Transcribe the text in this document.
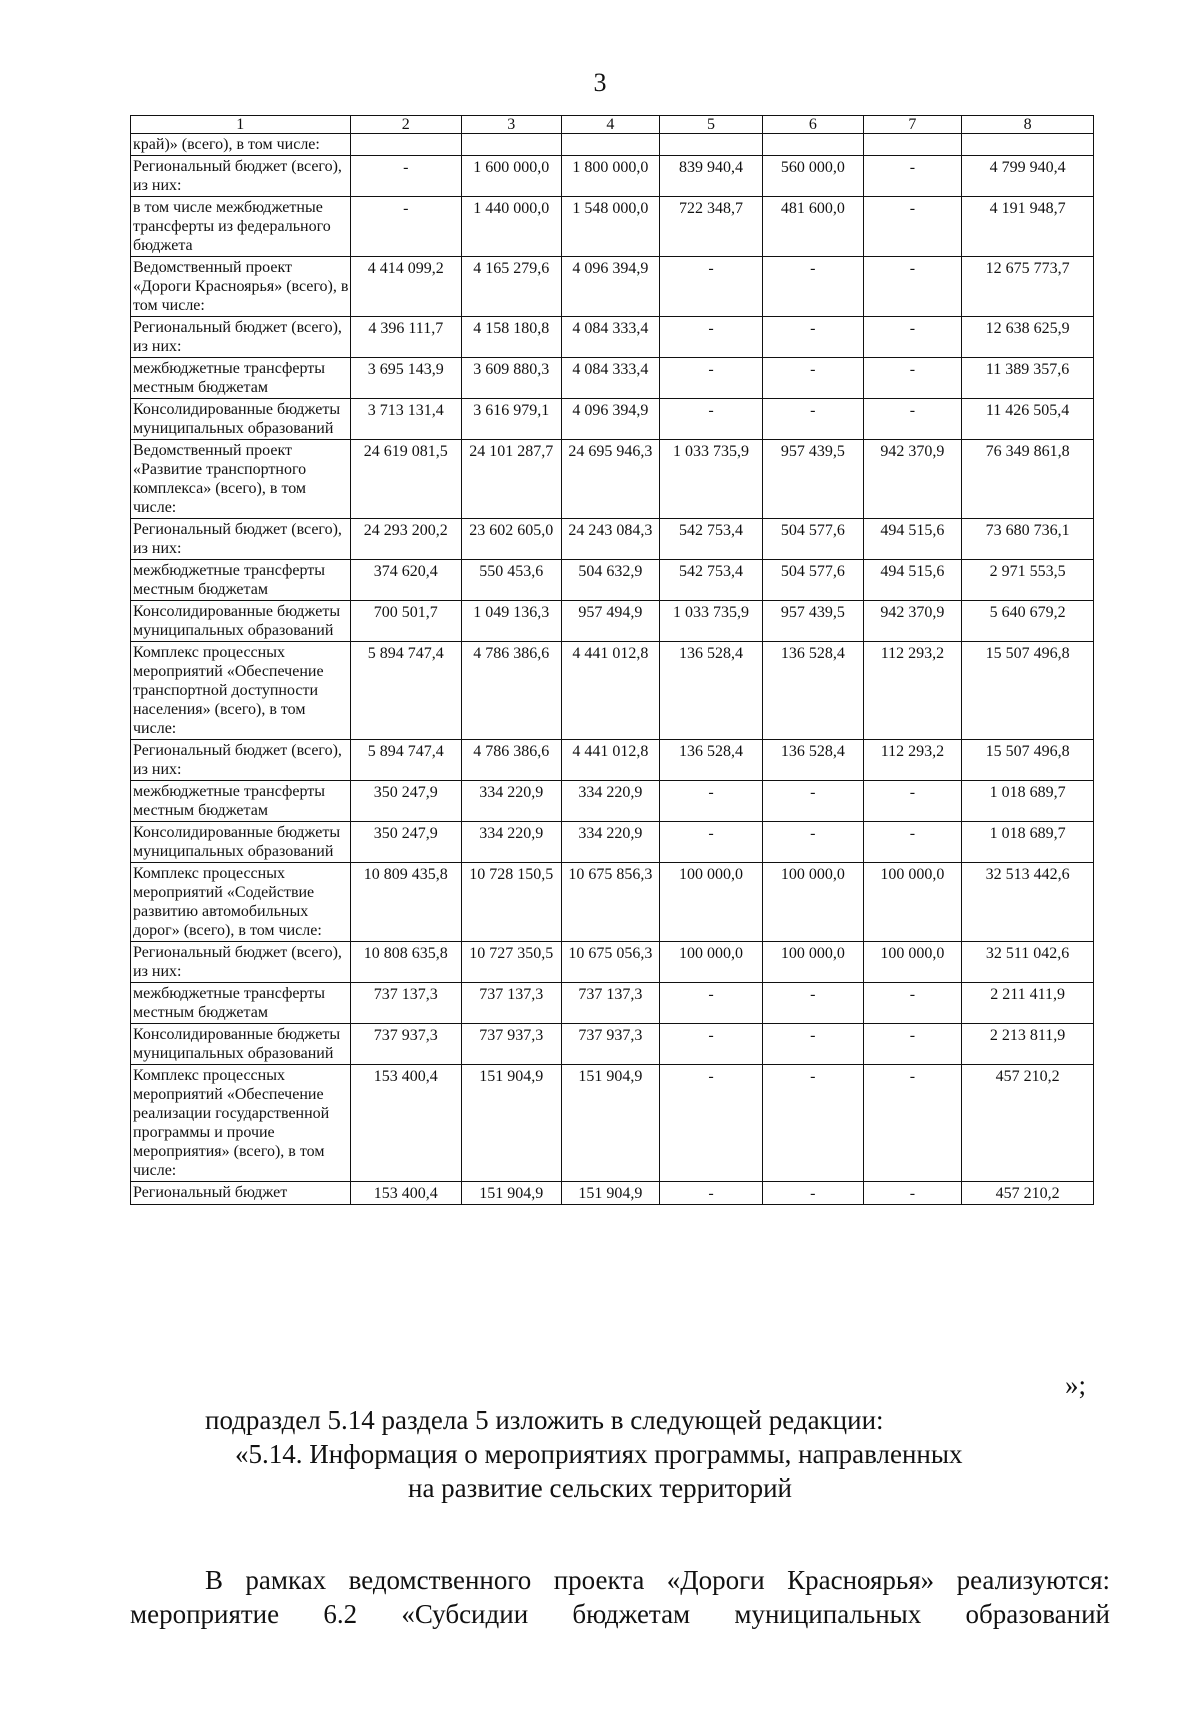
3
1	2	3	4	5	6	7	8
край)» (всего), в том числе:							
Региональный бюджет (всего), из них:	-	1 600 000,0	1 800 000,0	839 940,4	560 000,0	-	4 799 940,4
в том числе межбюджетные трансферты из федерального бюджета	-	1 440 000,0	1 548 000,0	722 348,7	481 600,0	-	4 191 948,7
Ведомственный проект «Дороги Красноярья» (всего), в том числе:	4 414 099,2	4 165 279,6	4 096 394,9	-	-	-	12 675 773,7
Региональный бюджет (всего), из них:	4 396 111,7	4 158 180,8	4 084 333,4	-	-	-	12 638 625,9
межбюджетные трансферты местным бюджетам	3 695 143,9	3 609 880,3	4 084 333,4	-	-	-	11 389 357,6
Консолидированные бюджеты муниципальных образований	3 713 131,4	3 616 979,1	4 096 394,9	-	-	-	11 426 505,4
Ведомственный проект «Развитие транспортного комплекса» (всего), в том числе:	24 619 081,5	24 101 287,7	24 695 946,3	1 033 735,9	957 439,5	942 370,9	76 349 861,8
Региональный бюджет (всего), из них:	24 293 200,2	23 602 605,0	24 243 084,3	542 753,4	504 577,6	494 515,6	73 680 736,1
межбюджетные трансферты местным бюджетам	374 620,4	550 453,6	504 632,9	542 753,4	504 577,6	494 515,6	2 971 553,5
Консолидированные бюджеты муниципальных образований	700 501,7	1 049 136,3	957 494,9	1 033 735,9	957 439,5	942 370,9	5 640 679,2
Комплекс процессных мероприятий «Обеспечение транспортной доступности населения» (всего), в том числе:	5 894 747,4	4 786 386,6	4 441 012,8	136 528,4	136 528,4	112 293,2	15 507 496,8
Региональный бюджет (всего), из них:	5 894 747,4	4 786 386,6	4 441 012,8	136 528,4	136 528,4	112 293,2	15 507 496,8
межбюджетные трансферты местным бюджетам	350 247,9	334 220,9	334 220,9	-	-	-	1 018 689,7
Консолидированные бюджеты муниципальных образований	350 247,9	334 220,9	334 220,9	-	-	-	1 018 689,7
Комплекс процессных мероприятий «Содействие развитию автомобильных дорог» (всего), в том числе:	10 809 435,8	10 728 150,5	10 675 856,3	100 000,0	100 000,0	100 000,0	32 513 442,6
Региональный бюджет (всего), из них:	10 808 635,8	10 727 350,5	10 675 056,3	100 000,0	100 000,0	100 000,0	32 511 042,6
межбюджетные трансферты местным бюджетам	737 137,3	737 137,3	737 137,3	-	-	-	2 211 411,9
Консолидированные бюджеты муниципальных образований	737 937,3	737 937,3	737 937,3	-	-	-	2 213 811,9
Комплекс процессных мероприятий «Обеспечение реализации государственной программы и прочие мероприятия» (всего), в том числе:	153 400,4	151 904,9	151 904,9	-	-	-	457 210,2
Региональный бюджет	153 400,4	151 904,9	151 904,9	-	-	-	457 210,2
»;
подраздел 5.14 раздела 5 изложить в следующей редакции:
«5.14. Информация о мероприятиях программы, направленных
на развитие сельских территорий
В рамках ведомственного проекта «Дороги Красноярья» реализуются:
мероприятие 6.2 «Субсидии бюджетам муниципальных образований
